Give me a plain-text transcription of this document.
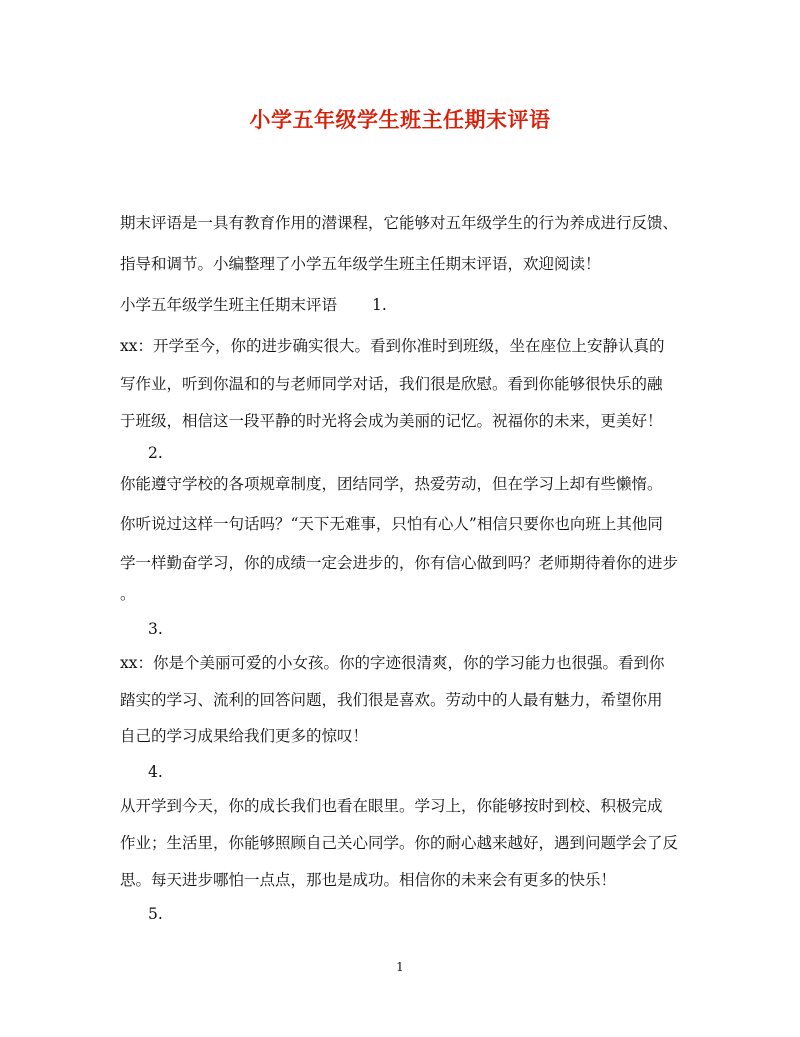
小学五年级学生班主任期末评语
期末评语是一具有教育作用的潜课程，它能够对五年级学生的行为养成进行反馈、
指导和调节。小编整理了小学五年级学生班主任期末评语，欢迎阅读！
小学五年级学生班主任期末评语 1.
xx：开学至今，你的进步确实很大。看到你准时到班级，坐在座位上安静认真的
写作业，听到你温和的与老师同学对话，我们很是欣慰。看到你能够很快乐的融
于班级，相信这一段平静的时光将会成为美丽的记忆。祝福你的未来，更美好！
2.
你能遵守学校的各项规章制度，团结同学，热爱劳动，但在学习上却有些懒惰。
你听说过这样一句话吗？“天下无难事，只怕有心人”相信只要你也向班上其他同
学一样勤奋学习，你的成绩一定会进步的，你有信心做到吗？老师期待着你的进步
。
3.
xx：你是个美丽可爱的小女孩。你的字迹很清爽，你的学习能力也很强。看到你
踏实的学习、流利的回答问题，我们很是喜欢。劳动中的人最有魅力，希望你用
自己的学习成果给我们更多的惊叹！
4.
从开学到今天，你的成长我们也看在眼里。学习上，你能够按时到校、积极完成
作业；生活里，你能够照顾自己关心同学。你的耐心越来越好，遇到问题学会了反
思。每天进步哪怕一点点，那也是成功。相信你的未来会有更多的快乐！
5.
1
